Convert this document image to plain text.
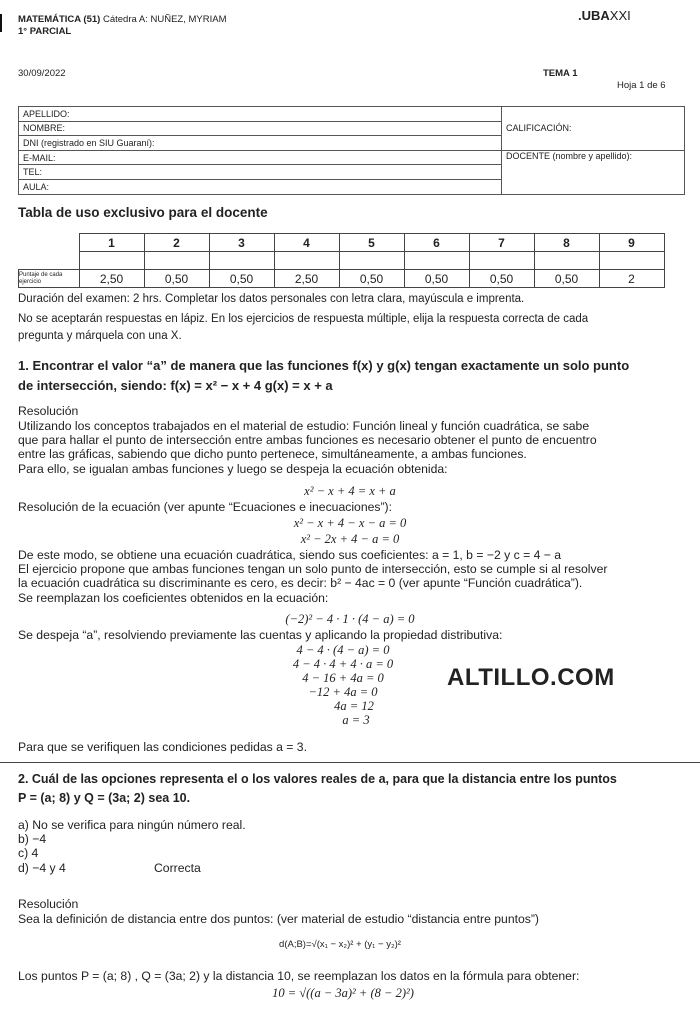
MATEMÁTICA (51) Cátedra A: NUÑEZ, MYRIAM
1° PARCIAL
.UBAXXI
30/09/2022	TEMA 1
Hoja 1 de 6
APELLIDO:	CALIFICACIÓN:
NOMBRE:	
DNI (registrado en SIU Guaraní):	
E-MAIL:	DOCENTE (nombre y apellido):
TEL:	
AULA:	
Tabla de uso exclusivo para el docente
	1	2	3	4	5	6	7	8	9

Puntaje de cada ejercicio	2,50	0,50	0,50	2,50	0,50	0,50	0,50	0,50	2
Duración del examen: 2 hrs. Completar los datos personales con letra clara, mayúscula e imprenta.
No se aceptarán respuestas en lápiz. En los ejercicios de respuesta múltiple, elija la respuesta correcta de cada
pregunta y márquela con una X.
1. Encontrar el valor “a” de manera que las funciones f(x) y g(x) tengan exactamente un solo punto
de intersección, siendo: f(x) = x² − x + 4 g(x) = x + a
Resolución
Utilizando los conceptos trabajados en el material de estudio: Función lineal y función cuadrática, se sabe
que para hallar el punto de intersección entre ambas funciones es necesario obtener el punto de encuentro
entre las gráficas, sabiendo que dicho punto pertenece, simultáneamente, a ambas funciones.
Para ello, se igualan ambas funciones y luego se despeja la ecuación obtenida:
x² − x + 4 = x + a
Resolución de la ecuación (ver apunte “Ecuaciones e inecuaciones”):
x² − x + 4 − x − a = 0
x² − 2x + 4 − a = 0
De este modo, se obtiene una ecuación cuadrática, siendo sus coeficientes: a = 1, b = −2 y c = 4 − a
El ejercicio propone que ambas funciones tengan un solo punto de intersección, esto se cumple si al resolver
la ecuación cuadrática su discriminante es cero, es decir: b² − 4ac = 0 (ver apunte “Función cuadrática”).
Se reemplazan los coeficientes obtenidos en la ecuación:
(−2)² − 4 · 1 · (4 − a) = 0
Se despeja “a”, resolviendo previamente las cuentas y aplicando la propiedad distributiva:
4 − 4 · (4 − a) = 0
4 − 4 · 4 + 4 · a = 0
4 − 16 + 4a = 0
−12 + 4a = 0
4a = 12
a = 3
ALTILLO.COM
Para que se verifiquen las condiciones pedidas a = 3.
2. Cuál de las opciones representa el o los valores reales de a, para que la distancia entre los puntos
P = (a; 8) y Q = (3a; 2) sea 10.
a) No se verifica para ningún número real.
b) −4
c) 4
d) −4 y 4	Correcta
Resolución
Sea la definición de distancia entre dos puntos: (ver material de estudio “distancia entre puntos”)
d(A;B)=√(x₁ − x₂)² + (y₁ − y₂)²
Los puntos P = (a; 8) , Q = (3a; 2) y la distancia 10, se reemplazan los datos en la fórmula para obtener:
10 = √((a − 3a)² + (8 − 2)²)
